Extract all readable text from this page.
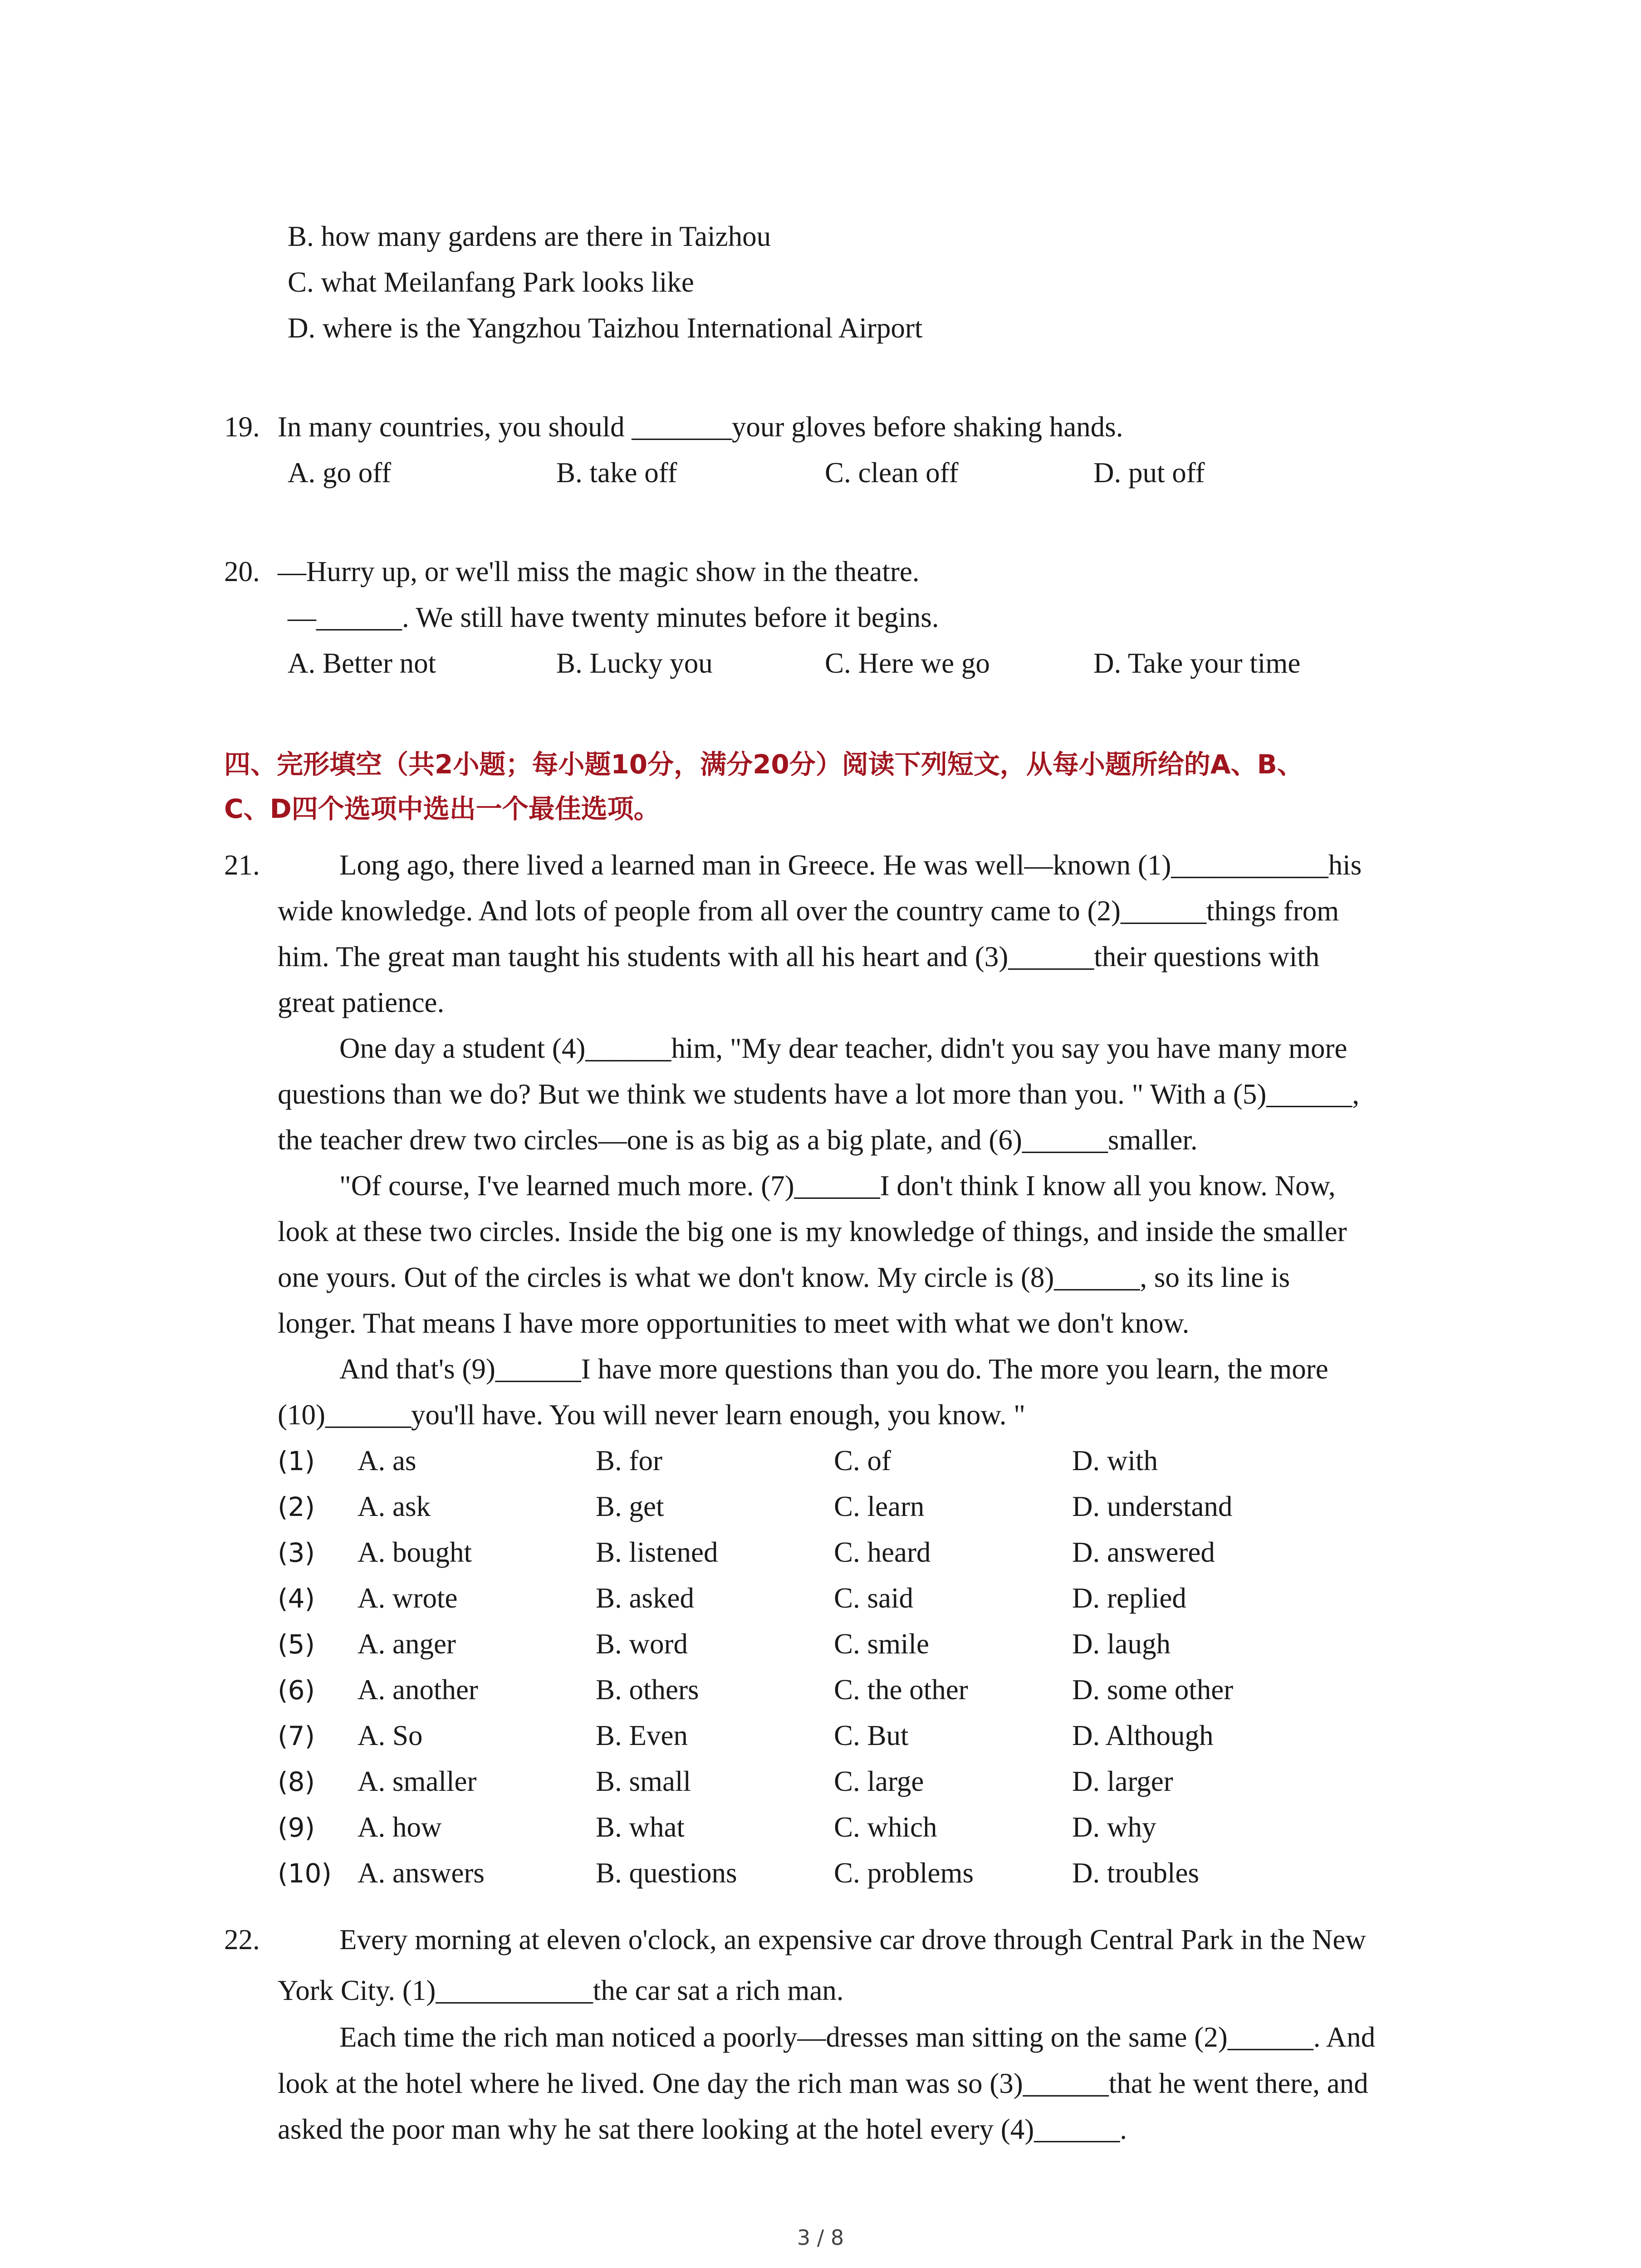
B. how many gardens are there in Taizhou
C. what Meilanfang Park looks like
D. where is the Yangzhou Taizhou International Airport
19. In many countries, you should _______your gloves before shaking hands.
A. go off	B. take off	C. clean off	D. put off
20. —Hurry up, or we'll miss the magic show in the theatre.
—______. We still have twenty minutes before it begins.
A. Better not	B. Lucky you	C. Here we go	D. Take your time
四、完形填空（共2小题；每小题10分，满分20分）阅读下列短文，从每小题所给的A、B、
C、D四个选项中选出一个最佳选项。
21.	Long ago, there lived a learned man in Greece. He was well—known (1)___________his
wide knowledge. And lots of people from all over the country came to (2)______things from
him. The great man taught his students with all his heart and (3)______their questions with
great patience.
One day a student (4)______him, "My dear teacher, didn't you say you have many more
questions than we do? But we think we students have a lot more than you. " With a (5)______,
the teacher drew two circles—one is as big as a big plate, and (6)______smaller.
"Of course, I've learned much more. (7)______I don't think I know all you know. Now,
look at these two circles. Inside the big one is my knowledge of things, and inside the smaller
one yours. Out of the circles is what we don't know. My circle is (8)______, so its line is
longer. That means I have more opportunities to meet with what we don't know.
And that's (9)______I have more questions than you do. The more you learn, the more
(10)______you'll have. You will never learn enough, you know. "
(1) A. as	B. for	C. of	D. with
(2) A. ask	B. get	C. learn	D. understand
(3) A. bought	B. listened	C. heard	D. answered
(4) A. wrote	B. asked	C. said	D. replied
(5) A. anger	B. word	C. smile	D. laugh
(6) A. another	B. others	C. the other	D. some other
(7) A. So	B. Even	C. But	D. Although
(8) A. smaller	B. small	C. large	D. larger
(9) A. how	B. what	C. which	D. why
(10) A. answers	B. questions	C. problems	D. troubles
22.	Every morning at eleven o'clock, an expensive car drove through Central Park in the New
York City. (1)___________the car sat a rich man.
Each time the rich man noticed a poorly—dresses man sitting on the same (2)______. And
look at the hotel where he lived. One day the rich man was so (3)______that he went there, and
asked the poor man why he sat there looking at the hotel every (4)______.
3 / 8
